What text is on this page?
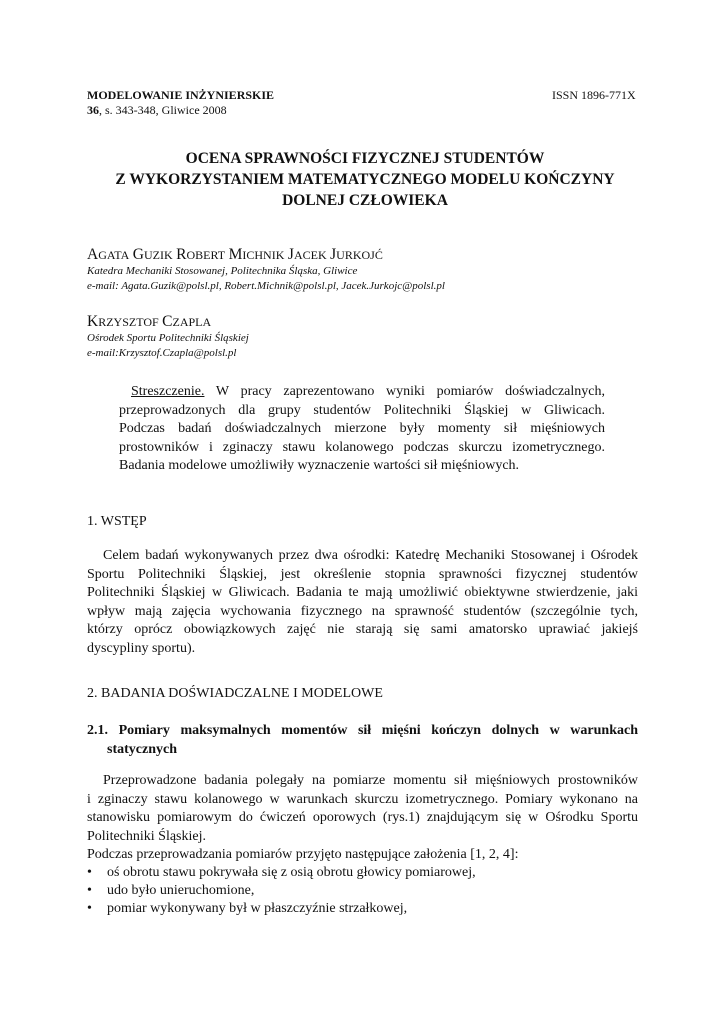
MODELOWANIE INŻYNIERSKIE	ISSN 1896-771X
36, s. 343-348, Gliwice 2008
OCENA SPRAWNOŚCI FIZYCZNEJ STUDENTÓW
Z WYKORZYSTANIEM MATEMATYCZNEGO MODELU KOŃCZYNY
DOLNEJ CZŁOWIEKA
AGATA GUZIK ROBERT MICHNIK JACEK JURKOJĆ
Katedra Mechaniki Stosowanej, Politechnika Śląska, Gliwice
e-mail: Agata.Guzik@polsl.pl, Robert.Michnik@polsl.pl, Jacek.Jurkojc@polsl.pl
KRZYSZTOF CZAPLA
Ośrodek Sportu Politechniki Śląskiej
e-mail:Krzysztof.Czapla@polsl.pl
Streszczenie. W pracy zaprezentowano wyniki pomiarów doświadczalnych,
przeprowadzonych dla grupy studentów Politechniki Śląskiej w Gliwicach.
Podczas badań doświadczalnych mierzone były momenty sił mięśniowych
prostowników i zginaczy stawu kolanowego podczas skurczu izometrycznego.
Badania modelowe umożliwiły wyznaczenie wartości sił mięśniowych.
1. WSTĘP
Celem badań wykonywanych przez dwa ośrodki: Katedrę Mechaniki Stosowanej i Ośrodek
Sportu Politechniki Śląskiej, jest określenie stopnia sprawności fizycznej studentów
Politechniki Śląskiej w Gliwicach. Badania te mają umożliwić obiektywne stwierdzenie, jaki
wpływ mają zajęcia wychowania fizycznego na sprawność studentów (szczególnie tych,
którzy oprócz obowiązkowych zajęć nie starają się sami amatorsko uprawiać jakiejś
dyscypliny sportu).
2. BADANIA DOŚWIADCZALNE I MODELOWE
2.1. Pomiary maksymalnych momentów sił mięśni kończyn dolnych w warunkach
statycznych
Przeprowadzone badania polegały na pomiarze momentu sił mięśniowych prostowników
i zginaczy stawu kolanowego w warunkach skurczu izometrycznego. Pomiary wykonano na
stanowisku pomiarowym do ćwiczeń oporowych (rys.1) znajdującym się w Ośrodku Sportu
Politechniki Śląskiej.
Podczas przeprowadzania pomiarów przyjęto następujące założenia [1, 2, 4]:
• oś obrotu stawu pokrywała się z osią obrotu głowicy pomiarowej,
• udo było unieruchomione,
• pomiar wykonywany był w płaszczyźnie strzałkowej,
